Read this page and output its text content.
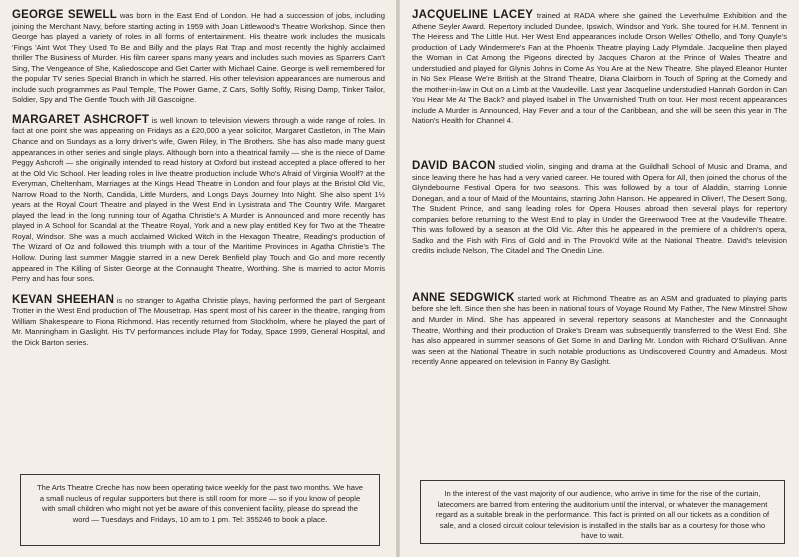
GEORGE SEWELL was born in the East End of London. He had a succession of jobs, including joining the Merchant Navy, before starting acting in 1959 with Joan Littlewood's Theatre Workshop. Since then George has played a variety of roles in all forms of entertainment. His theatre work includes the musicals 'Fings 'Aint Wot They Used To Be and Billy and the plays Rat Trap and most recently the highly acclaimed thriller The Business of Murder. His film career spans many years and includes such movies as Sparrers Can't Sing, The Vengeance of She, Kaliedoscope and Get Carter with Michael Caine. George is well remembered for the popular TV series Special Branch in which he starred. His other television appearances are numerous and include such programmes as Paul Temple, The Power Game, Z Cars, Softly Softly, Rising Damp, Tinker Tailor, Soldier, Spy and The Gentle Touch with Jill Gascoigne.

MARGARET ASHCROFT is well known to television viewers through a wide range of roles. In fact at one point she was appearing on Fridays as a £20,000 a year solicitor, Margaret Castleton, in The Main Chance and on Sundays as a lorry driver's wife, Gwen Riley, in The Brothers. She has also made many guest appearances in other series and single plays. Although born into a theatrical family — she is the niece of Dame Peggy Ashcroft — she originally intended to read history at Oxford but instead accepted a place offered to her at the Old Vic School. Her leading roles in live theatre production include Who's Afraid of Virginia Woolf? at the Everyman, Cheltenham, Marriages at the Kings Head Theatre in London and four plays at the Bristol Old Vic, Narrow Road to the North, Candida, Little Murders, and Longs Days Journey Into Night. She also spent 1½ years at the Royal Court Theatre and played in the West End in Lysistrata and The Country Wife. Margaret played the lead in the long running tour of Agatha Christie's A Murder is Announced and more recently has played in A School for Scandal at the Theatre Royal, York and a new play entitled Key for Two at the Theatre Royal, Windsor. She was a much acclaimed Wicked Witch in the Hexagon Theatre, Reading's production of The Wizard of Oz and followed this triumph with a tour of the Maritime Provinces in Agatha Christie's The Hollow. During last summer Maggie starred in a new Derek Benfield play Touch and Go and more recently appeared in The Killing of Sister George at the Connaught Theatre, Worthing. She is married to actor Morris Perry and has four sons.

KEVAN SHEEHAN is no stranger to Agatha Christie plays, having performed the part of Sergeant Trotter in the West End production of The Mousetrap. Has spent most of his career in the theatre, ranging from William Shakespeare to Fiona Richmond. Has recently returned from Stockholm, where he played the part of Mr. Manningham in Gaslight. His TV performances include Play for Today, Space 1999, General Hospital, and the Dick Barton series.

The Arts Theatre Creche has now been operating twice weekly for the past two months. We have a small nucleus of regular supporters but there is still room for more — so if you know of people with small children who might not yet be aware of this convenient facility, please do spread the word — Tuesdays and Fridays, 10 am to 1 pm. Tel: 355246 to book a place.

JACQUELINE LACEY trained at RADA where she gained the Leverhulme Exhibition and the Athene Seyler Award. Repertory included Dundee, Ipswich, Windsor and York. She toured for H.M. Tennent in The Heiress and The Little Hut. Her West End appearances include Orson Welles' Othello, and Tony Quayle's production of Lady Windermere's Fan at the Phoenix Theatre playing Lady Plymdale. Jacqueline then played the Woman in Cat Among the Pigeons directed by Jacques Charon at the Prince of Wales Theatre and understudied and played for Glynis Johns in Come As You Are at the New Theatre. She played Eleanor Hunter in No Sex Please We're British at the Strand Theatre, Diana Clairborn in Touch of Spring at the Comedy and the mother-in-law in Out on a Limb at the Vaudeville. Last year Jacqueline understudied Hannah Gordon in Can You Hear Me At The Back? and played Isabel in The Unvarnished Truth on tour. Her most recent appearances include A Murder is Announced, Hay Fever and a tour of the Caribbean, and she will be seen this year in The Nation's Health for Channel 4.

DAVID BACON studied violin, singing and drama at the Guildhall School of Music and Drama, and since leaving there he has had a very varied career. He toured with Opera for All, then joined the chorus of the Glyndebourne Festival Opera for two seasons. This was followed by a tour of Aladdin, starring Lonnie Donegan, and a tour of Maid of the Mountains, starring John Hanson. He appeared in Oliver!, The Desert Song, The Student Prince, and sang leading roles for Opera Houses abroad then several plays for repertory companies before returning to the West End to play in Under the Greenwood Tree at the Vaudeville Theatre. This was followed by a season at the Old Vic. After this he appeared in the premiere of a children's opera, Sadko and the Fish with Fins of Gold and in The Provok'd Wife at the National Theatre. David's television credits include Nelson, The Citadel and The Onedin Line.

ANNE SEDGWICK started work at Richmond Theatre as an ASM and graduated to playing parts before she left. Since then she has been in national tours of Voyage Round My Father, The New Minstrel Show and Murder in Mind. She has appeared in several repertory seasons at Manchester and the Connaught Theatre, Worthing and their production of Drake's Dream was subsequently transferred to the West End. She has also appeared in summer seasons of Get Some In and Darling Mr. London with Richard O'Sullivan. Anne was seen at the National Theatre in such notable productions as Undiscovered Country and Amadeus. Most recently Anne appeared on television in Fanny By Gaslight.

In the interest of the vast majority of our audience, who arrive in time for the rise of the curtain, latecomers are barred from entering the auditorium until the interval, or whatever the management regard as a suitable break in the performance. This fact is printed on all our tickets as a condition of sale, and a closed circuit colour television is installed in the stalls bar as a courtesy for those who have to wait.
